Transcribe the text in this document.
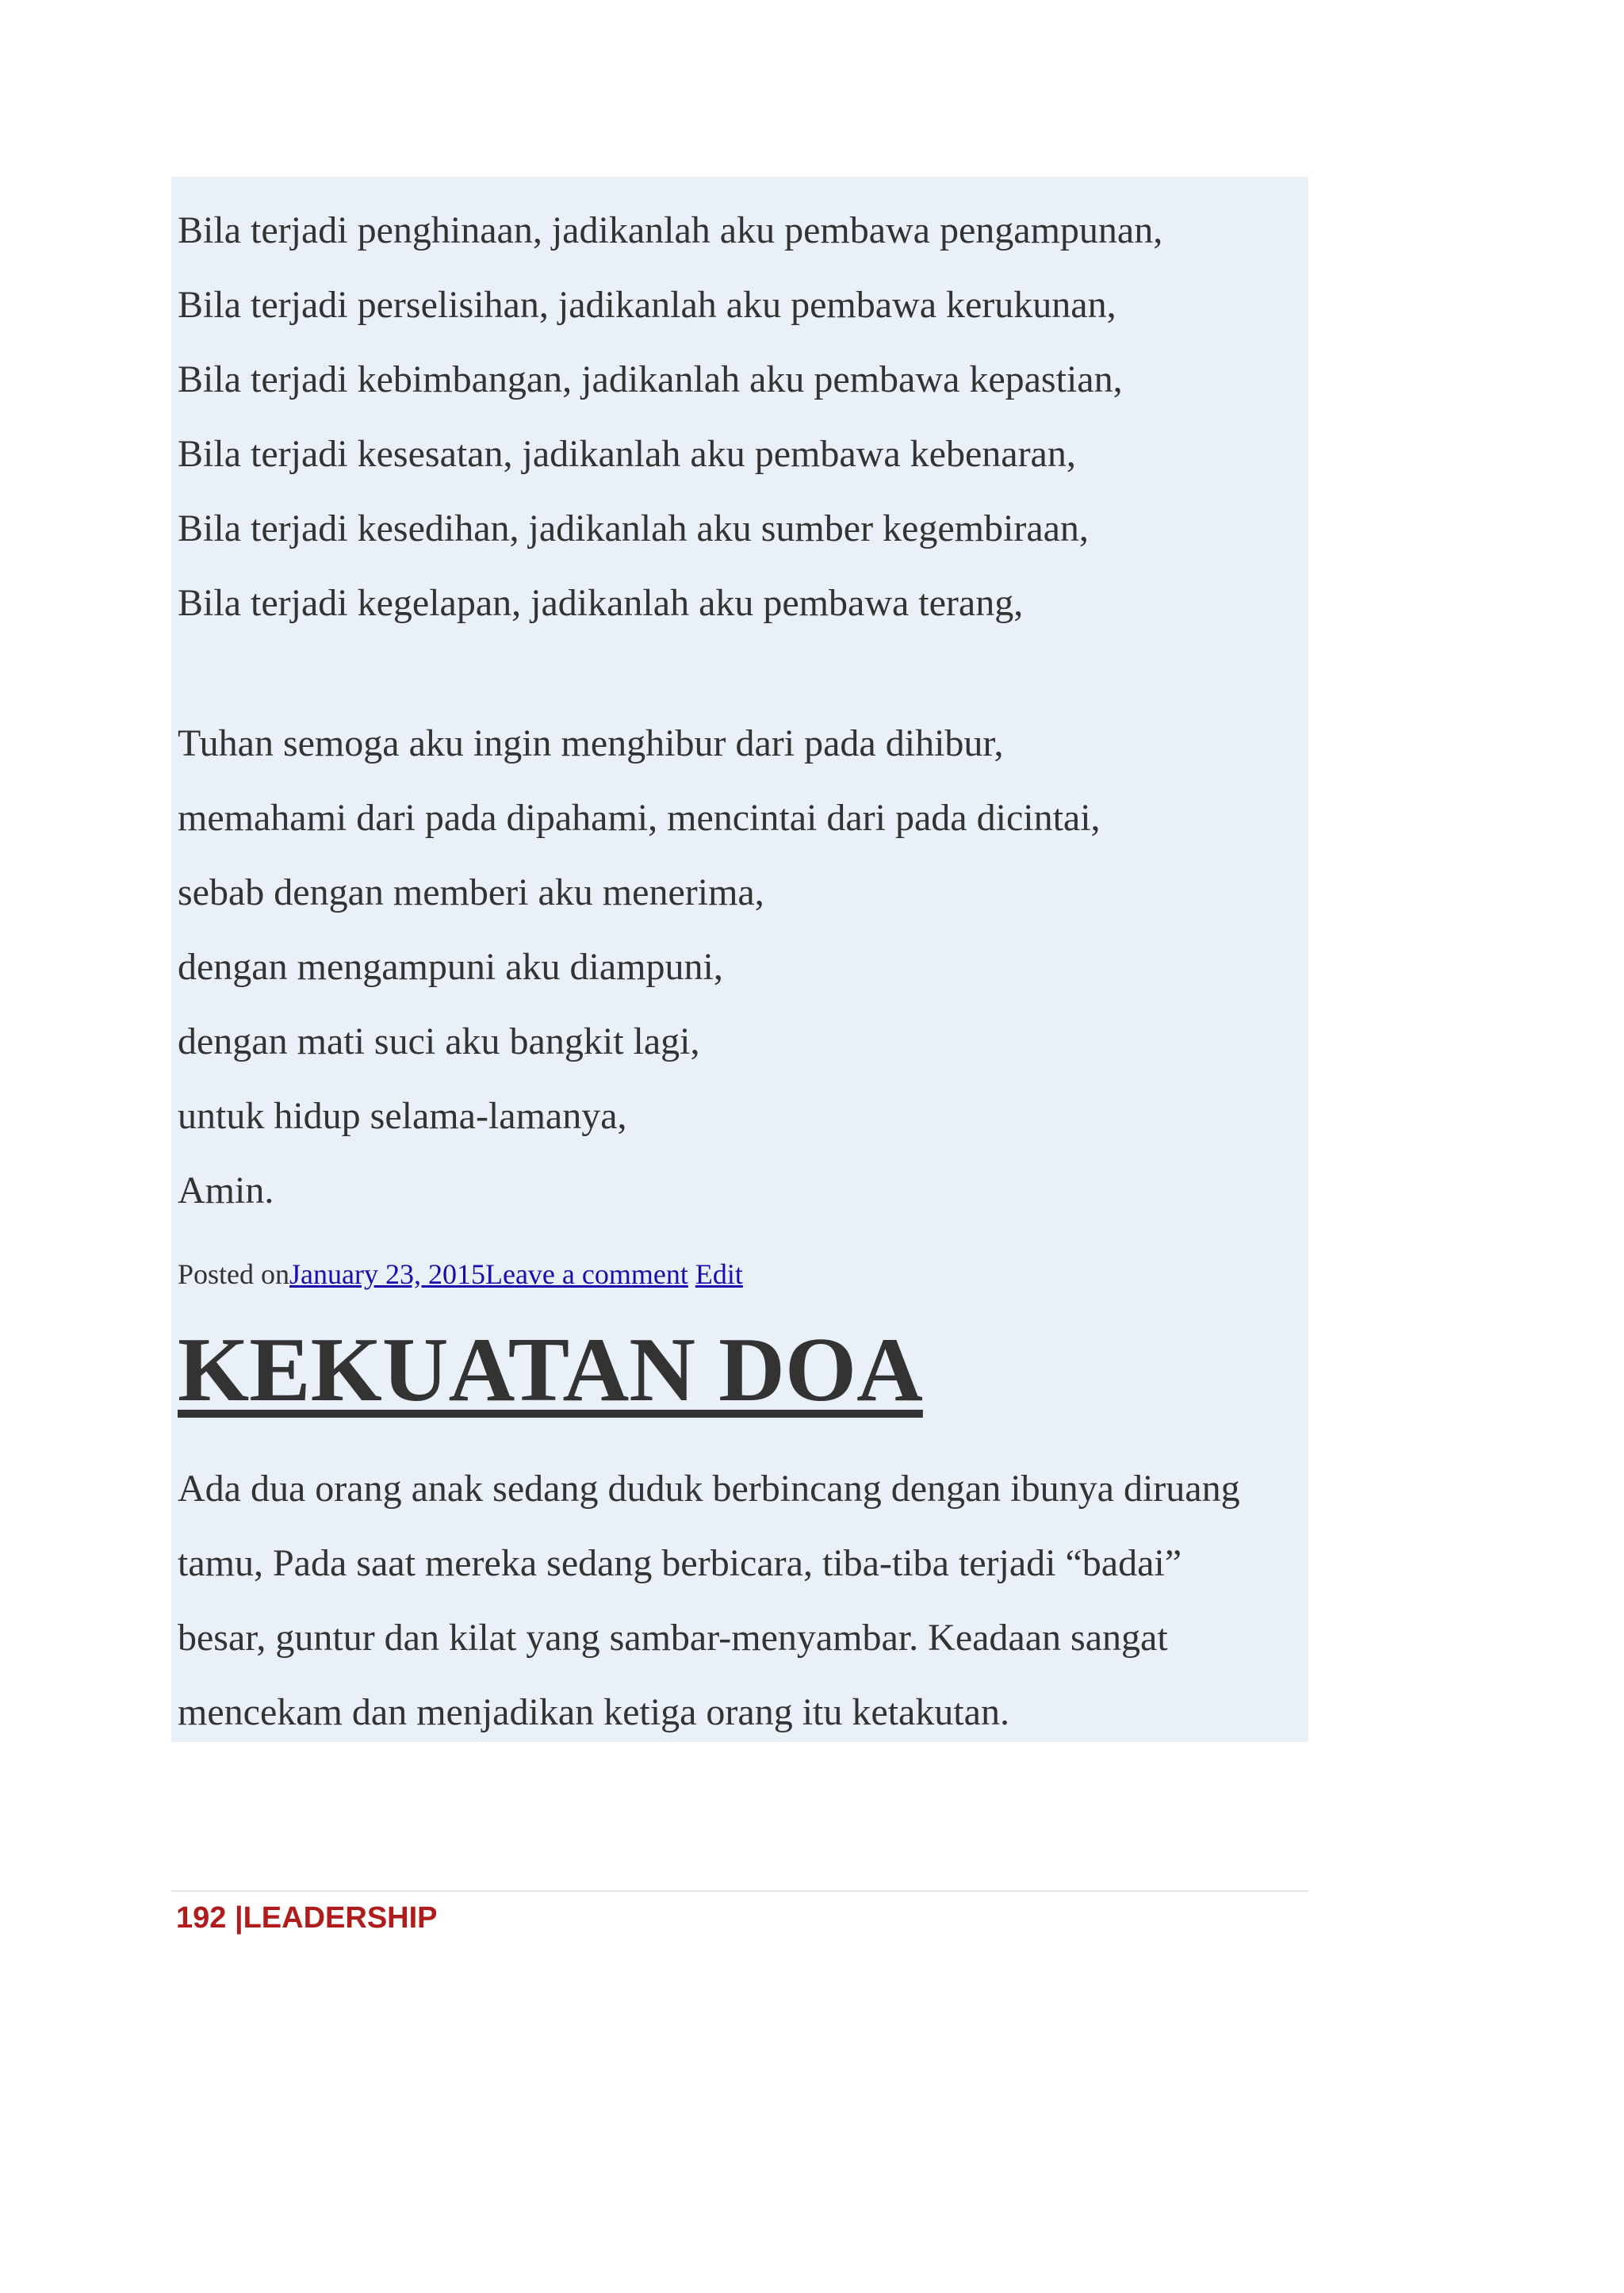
Bila terjadi penghinaan, jadikanlah aku pembawa pengampunan,

Bila terjadi perselisihan, jadikanlah aku pembawa kerukunan,

Bila terjadi kebimbangan, jadikanlah aku pembawa kepastian,

Bila terjadi kesesatan, jadikanlah aku pembawa kebenaran,

Bila terjadi kesedihan, jadikanlah aku sumber kegembiraan,

Bila terjadi kegelapan, jadikanlah aku pembawa terang,

Tuhan semoga aku ingin menghibur dari pada dihibur,

memahami dari pada dipahami, mencintai dari pada dicintai,

sebab dengan memberi aku menerima,

dengan mengampuni aku diampuni,

dengan mati suci aku bangkit lagi,

untuk hidup selama-lamanya,

Amin.

Posted onJanuary 23, 2015Leave a comment Edit
KEKUATAN DOA

Ada dua orang anak sedang duduk berbincang dengan ibunya diruang

tamu, Pada saat mereka sedang berbicara, tiba-tiba terjadi “badai”

besar, guntur dan kilat yang sambar-menyambar. Keadaan sangat

mencekam dan menjadikan ketiga orang itu ketakutan.

192 |LEADERSHIP
